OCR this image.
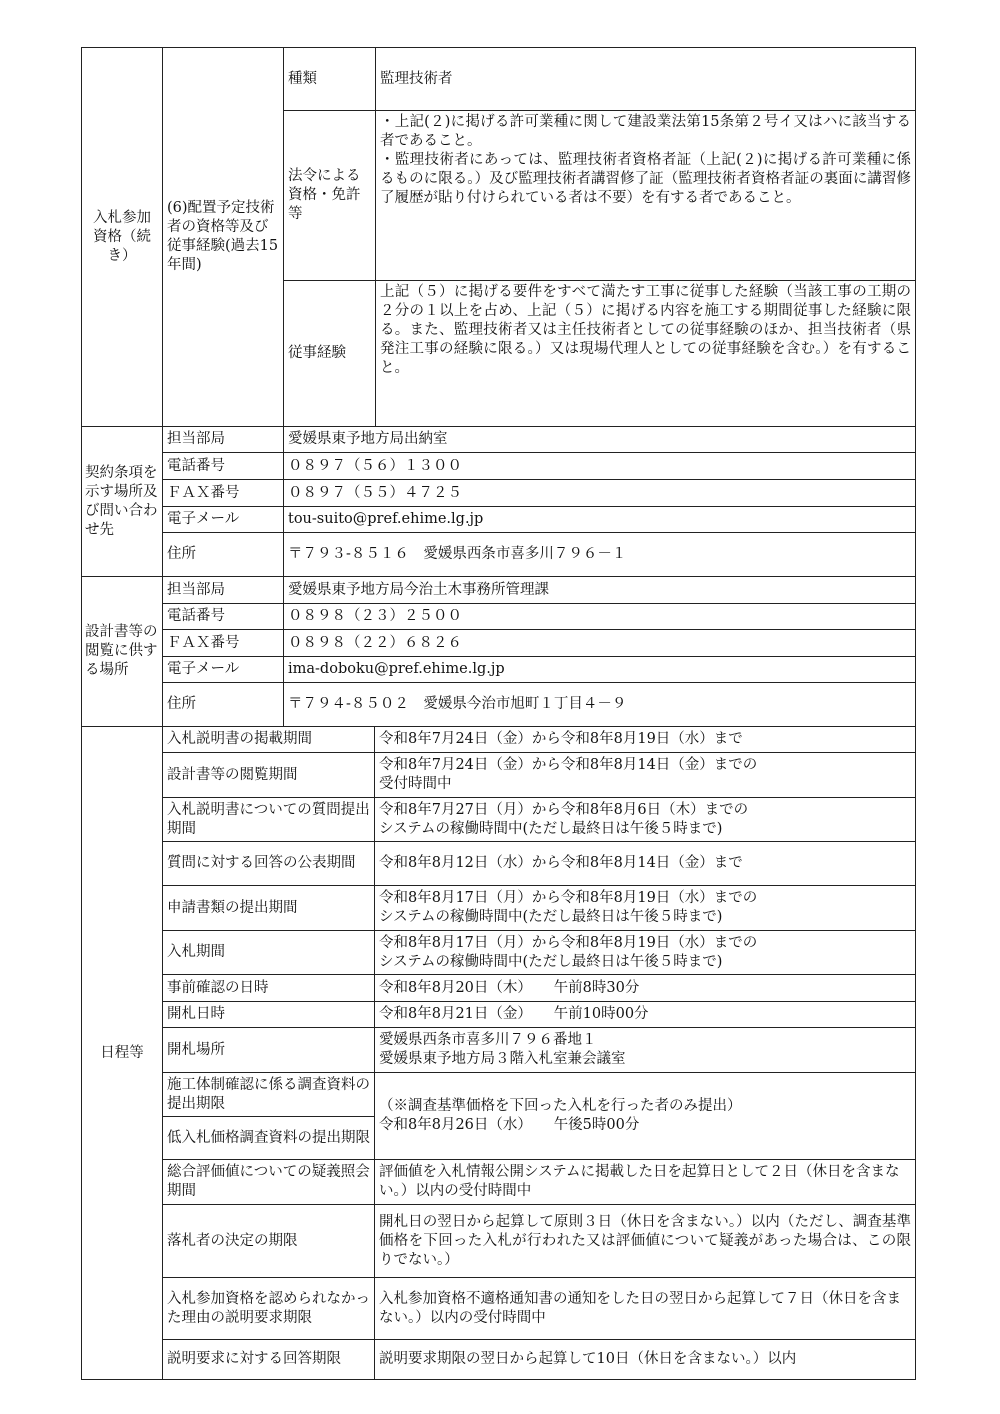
入札参加資格（続き）	(6)配置予定技術者の資格等及び従事経験(過去15年間)	種類	監理技術者
		法令による資格・免許等	・上記(２)に掲げる許可業種に関して建設業法第15条第２号イ又はハに該当する者であること。
・監理技術者にあっては、監理技術者資格者証（上記(２)に掲げる許可業種に係るものに限る。）及び監理技術者講習修了証（監理技術者資格者証の裏面に講習修了履歴が貼り付けられている者は不要）を有する者であること。
		従事経験	上記（５）に掲げる要件をすべて満たす工事に従事した経験（当該工事の工期の２分の１以上を占め、上記（５）に掲げる内容を施工する期間従事した経験に限る。また、監理技術者又は主任技術者としての従事経験のほか、担当技術者（県発注工事の経験に限る。）又は現場代理人としての従事経験を含む。）を有すること。
契約条項を示す場所及び問い合わせ先	担当部局	愛媛県東予地方局出納室
	電話番号	０８９７（５６）１３００
	ＦＡＸ番号	０８９７（５５）４７２５
	電子メール	tou-suito@pref.ehime.lg.jp
	住所	〒７９３-８５１６　愛媛県西条市喜多川７９６－１
設計書等の閲覧に供する場所	担当部局	愛媛県東予地方局今治土木事務所管理課
	電話番号	０８９８（２３）２５００
	ＦＡＸ番号	０８９８（２２）６８２６
	電子メール	ima-doboku@pref.ehime.lg.jp
	住所	〒７９４-８５０２　愛媛県今治市旭町１丁目４－９
日程等	入札説明書の掲載期間	令和8年7月24日（金）から令和8年8月19日（水）まで
	設計書等の閲覧期間	令和8年7月24日（金）から令和8年8月14日（金）までの
受付時間中
	入札説明書についての質問提出期間	令和8年7月27日（月）から令和8年8月6日（木）までの
システムの稼働時間中(ただし最終日は午後５時まで)
	質問に対する回答の公表期間	令和8年8月12日（水）から令和8年8月14日（金）まで
	申請書類の提出期間	令和8年8月17日（月）から令和8年8月19日（水）までの
システムの稼働時間中(ただし最終日は午後５時まで)
	入札期間	令和8年8月17日（月）から令和8年8月19日（水）までの
システムの稼働時間中(ただし最終日は午後５時まで)
	事前確認の日時	令和8年8月20日（木）　　午前8時30分
	開札日時	令和8年8月21日（金）　　午前10時00分
	開札場所	愛媛県西条市喜多川７９６番地１
愛媛県東予地方局３階入札室兼会議室
	施工体制確認に係る調査資料の提出期限	（※調査基準価格を下回った入札を行った者のみ提出）
令和8年8月26日（水）　　午後5時00分
	低入札価格調査資料の提出期限	
	総合評価値についての疑義照会期間	評価値を入札情報公開システムに掲載した日を起算日として２日（休日を含まない。）以内の受付時間中
	落札者の決定の期限	開札日の翌日から起算して原則３日（休日を含まない。）以内（ただし、調査基準価格を下回った入札が行われた又は評価値について疑義があった場合は、この限りでない。）
	入札参加資格を認められなかった理由の説明要求期限	入札参加資格不適格通知書の通知をした日の翌日から起算して７日（休日を含まない。）以内の受付時間中
	説明要求に対する回答期限	説明要求期限の翌日から起算して10日（休日を含まない。）以内
